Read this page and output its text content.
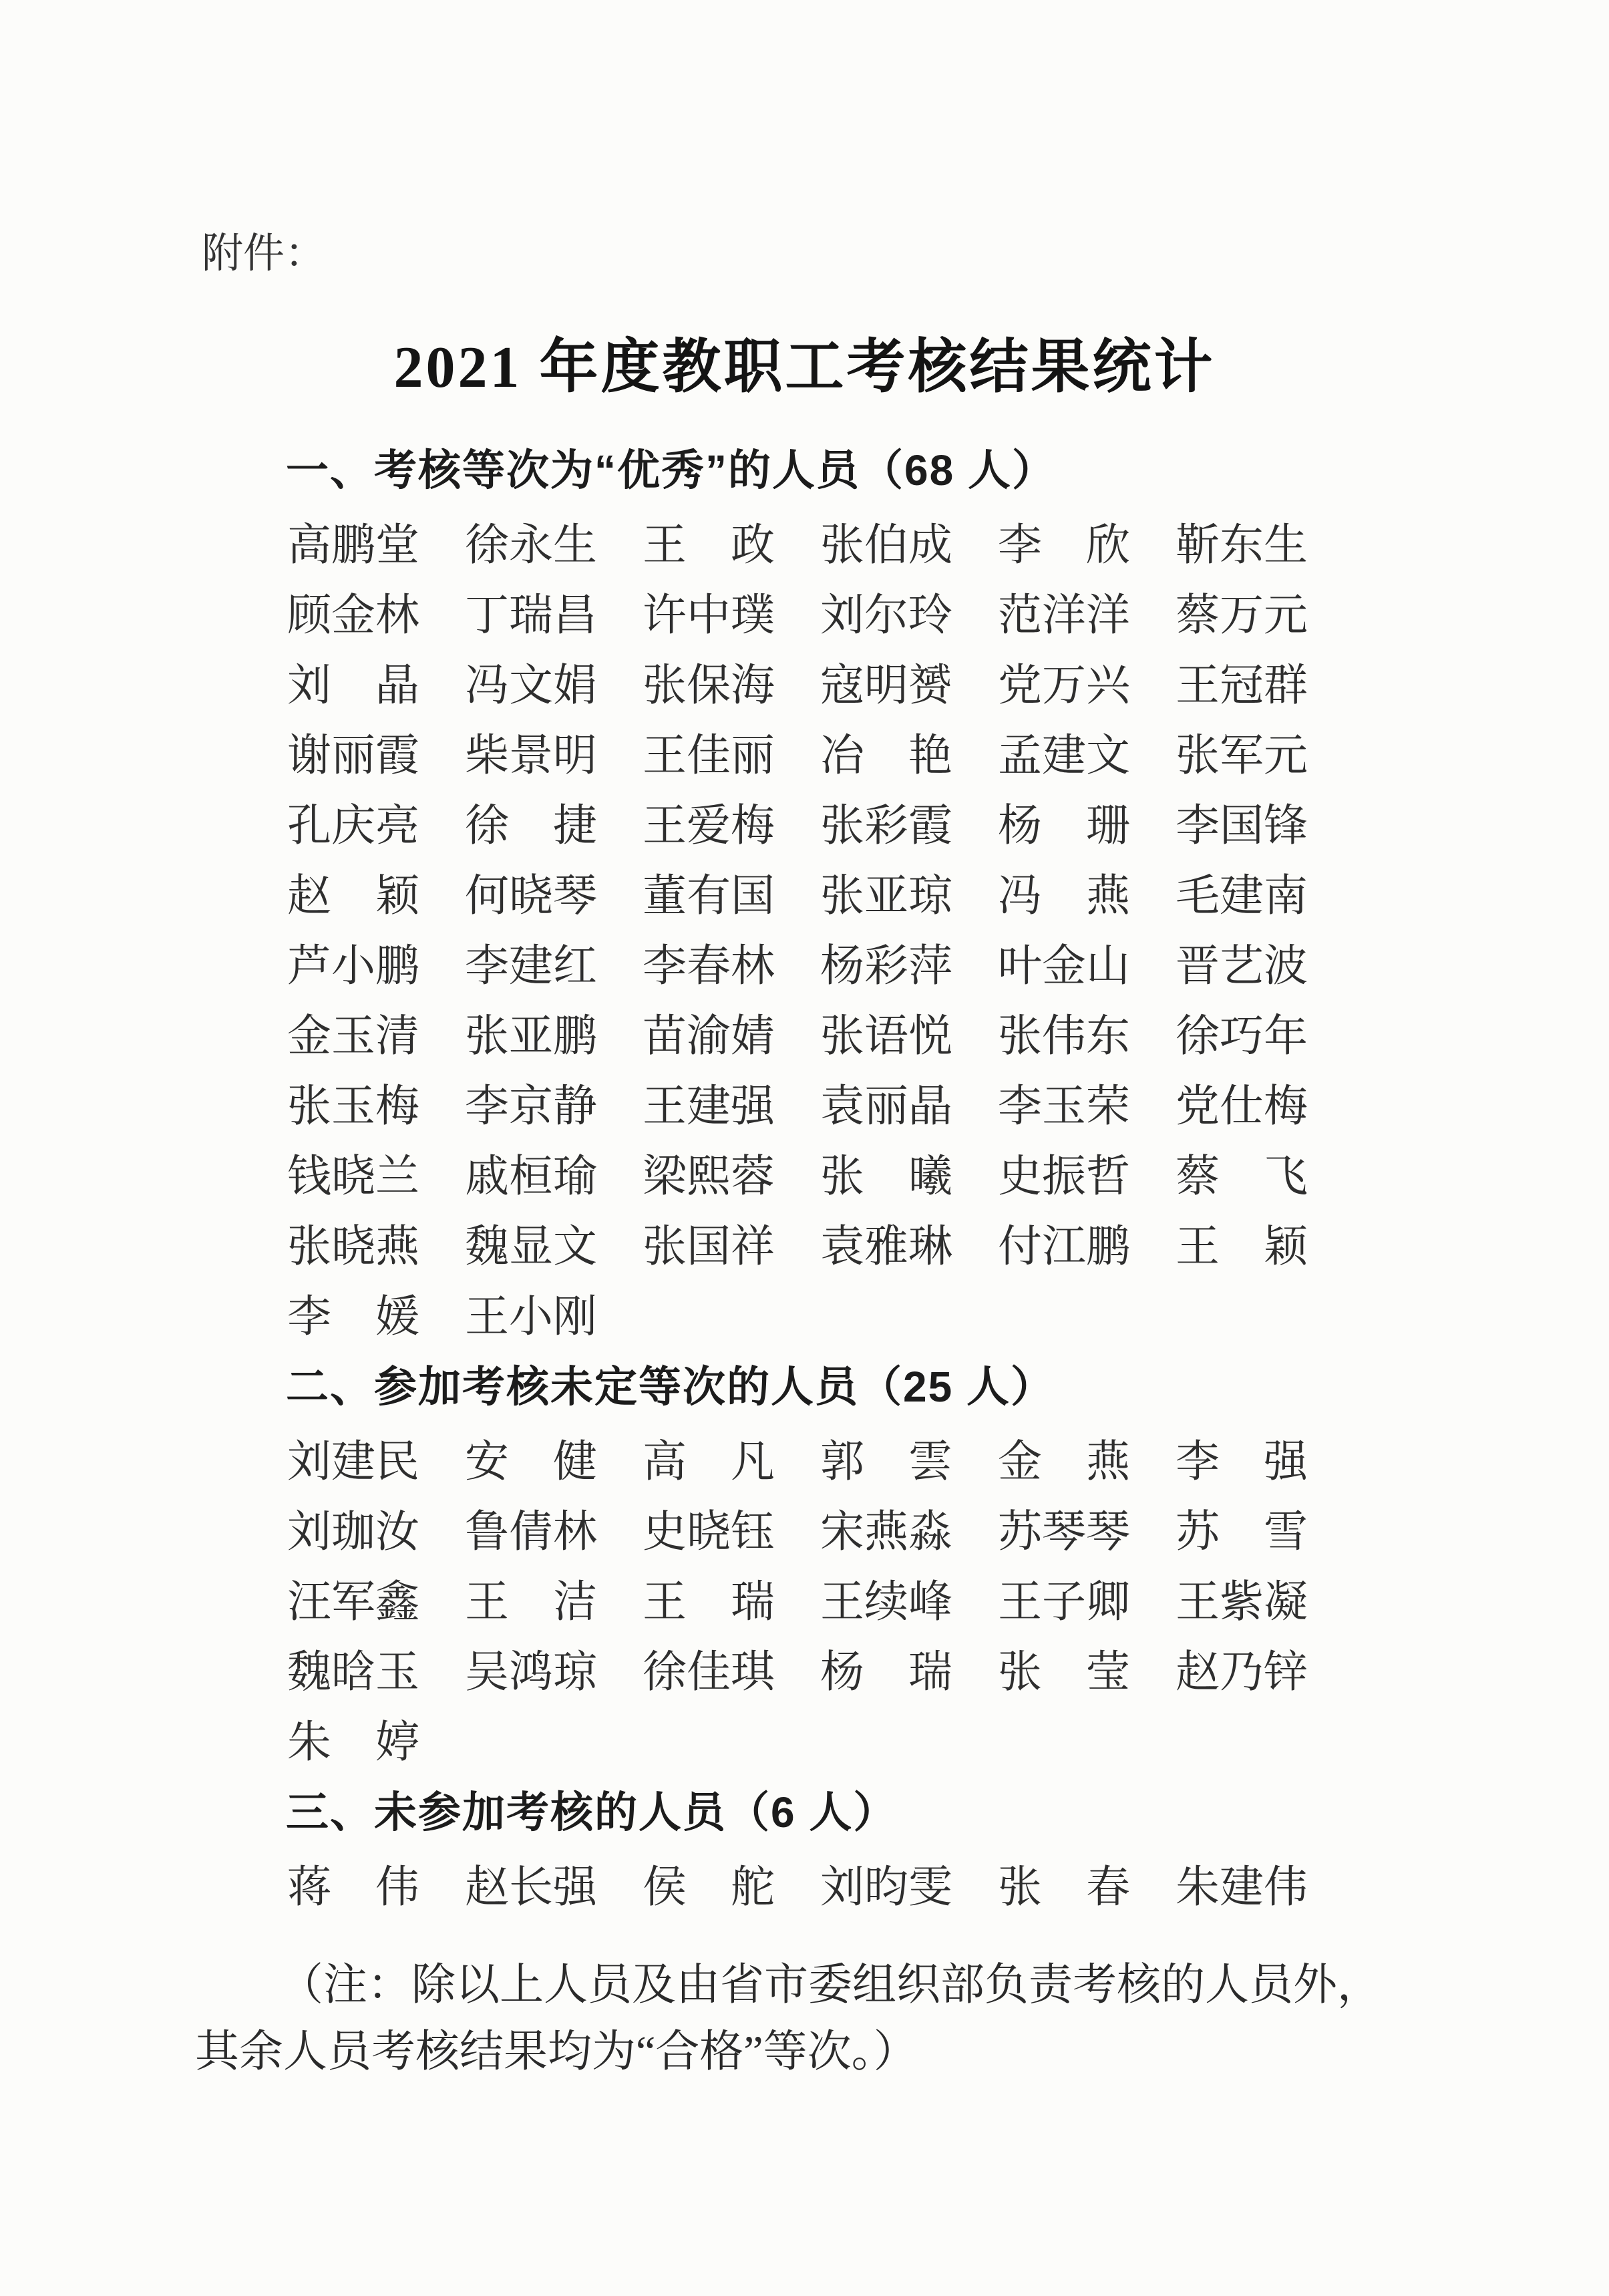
附件：
2021 年度教职工考核结果统计
一、考核等次为“优秀”的人员（68 人）
高鹏堂 徐永生 王　政 张伯成 李　欣 靳东生
顾金林 丁瑞昌 许中璞 刘尔玲 范洋洋 蔡万元
刘　晶 冯文娟 张保海 寇明赟 党万兴 王冠群
谢丽霞 柴景明 王佳丽 冶　艳 孟建文 张军元
孔庆亮 徐　捷 王爱梅 张彩霞 杨　珊 李国锋
赵　颖 何晓琴 董有国 张亚琼 冯　燕 毛建南
芦小鹏 李建红 李春林 杨彩萍 叶金山 晋艺波
金玉清 张亚鹏 苗渝婧 张语悦 张伟东 徐巧年
张玉梅 李京静 王建强 袁丽晶 李玉荣 党仕梅
钱晓兰 戚桓瑜 梁熙蓉 张　曦 史振哲 蔡　飞
张晓燕 魏显文 张国祥 袁雅琳 付江鹏 王　颖
李　媛 王小刚
二、参加考核未定等次的人员（25 人）
刘建民 安　健 高　凡 郭　雲 金　燕 李　强
刘珈汝 鲁倩林 史晓钰 宋燕淼 苏琴琴 苏　雪
汪军鑫 王　洁 王　瑞 王续峰 王子卿 王紫凝
魏晗玉 吴鸿琼 徐佳琪 杨　瑞 张　莹 赵乃锌
朱　婷
三、未参加考核的人员（6 人）
蒋　伟 赵长强 侯　舵 刘昀雯 张　春 朱建伟

（注：除以上人员及由省市委组织部负责考核的人员外，其余人员考核结果均为“合格”等次。）
